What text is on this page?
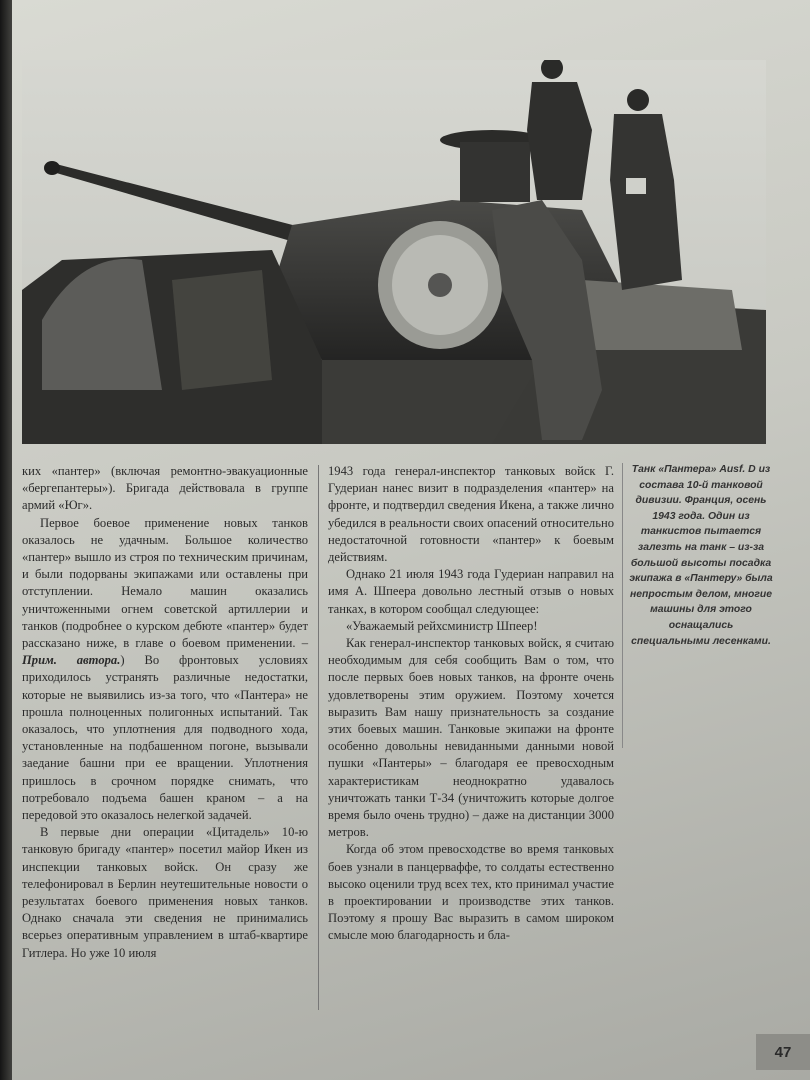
ких «пантер» (включая ремонтно-эвакуационные «бергепантеры»). Бригада действовала в группе армий «Юг».

Первое боевое применение новых танков оказалось не удачным. Большое количество «пантер» вышло из строя по техническим причинам, и были подорваны экипажами или оставлены при отступлении. Немало машин оказались уничтоженными огнем советской артиллерии и танков (подробнее о курском дебюте «пантер» будет рассказано ниже, в главе о боевом применении. – Прим. автора.) Во фронтовых условиях приходилось устранять различные недостатки, которые не выявились из-за того, что «Пантера» не прошла полноценных полигонных испытаний. Так оказалось, что уплотнения для подводного хода, установленные на подбашенном погоне, вызывали заедание башни при ее вращении. Уплотнения пришлось в срочном порядке снимать, что потребовало подъема башен краном – а на передовой это оказалось нелегкой задачей.

В первые дни операции «Цитадель» 10-ю танковую бригаду «пантер» посетил майор Икен из инспекции танковых войск. Он сразу же телефонировал в Берлин неутешительные новости о результатах боевого применения новых танков. Однако сначала эти сведения не принимались всерьез оперативным управлением в штаб-квартире Гитлера. Но уже 10 июля

1943 года генерал-инспектор танковых войск Г. Гудериан нанес визит в подразделения «пантер» на фронте, и подтвердил сведения Икена, а также лично убедился в реальности своих опасений относительно недостаточной готовности «пантер» к боевым действиям.

Однако 21 июля 1943 года Гудериан направил на имя А. Шпеера довольно лестный отзыв о новых танках, в котором сообщал следующее:

«Уважаемый рейхсминистр Шпеер!

Как генерал-инспектор танковых войск, я считаю необходимым для себя сообщить Вам о том, что после первых боев новых танков, на фронте очень удовлетворены этим оружием. Поэтому хочется выразить Вам нашу признательность за создание этих боевых машин. Танковые экипажи на фронте особенно довольны невиданными данными новой пушки «Пантеры» – благодаря ее превосходным характеристикам неоднократно удавалось уничтожать танки Т-34 (уничтожить которые долгое время было очень трудно) – даже на дистанции 3000 метров.

Когда об этом превосходстве во время танковых боев узнали в панцерваффе, то солдаты естественно высоко оценили труд всех тех, кто принимал участие в проектировании и производстве этих танков. Поэтому я прошу Вас выразить в самом широком смысле мою благодарность и бла-

Танк «Пантера» Ausf. D из состава 10-й танковой дивизии. Франция, осень 1943 года. Один из танкистов пытается залезть на танк – из-за большой высоты посадка экипажа в «Пантеру» была непростым делом, многие машины для этого оснащались специальными лесенками.
47
